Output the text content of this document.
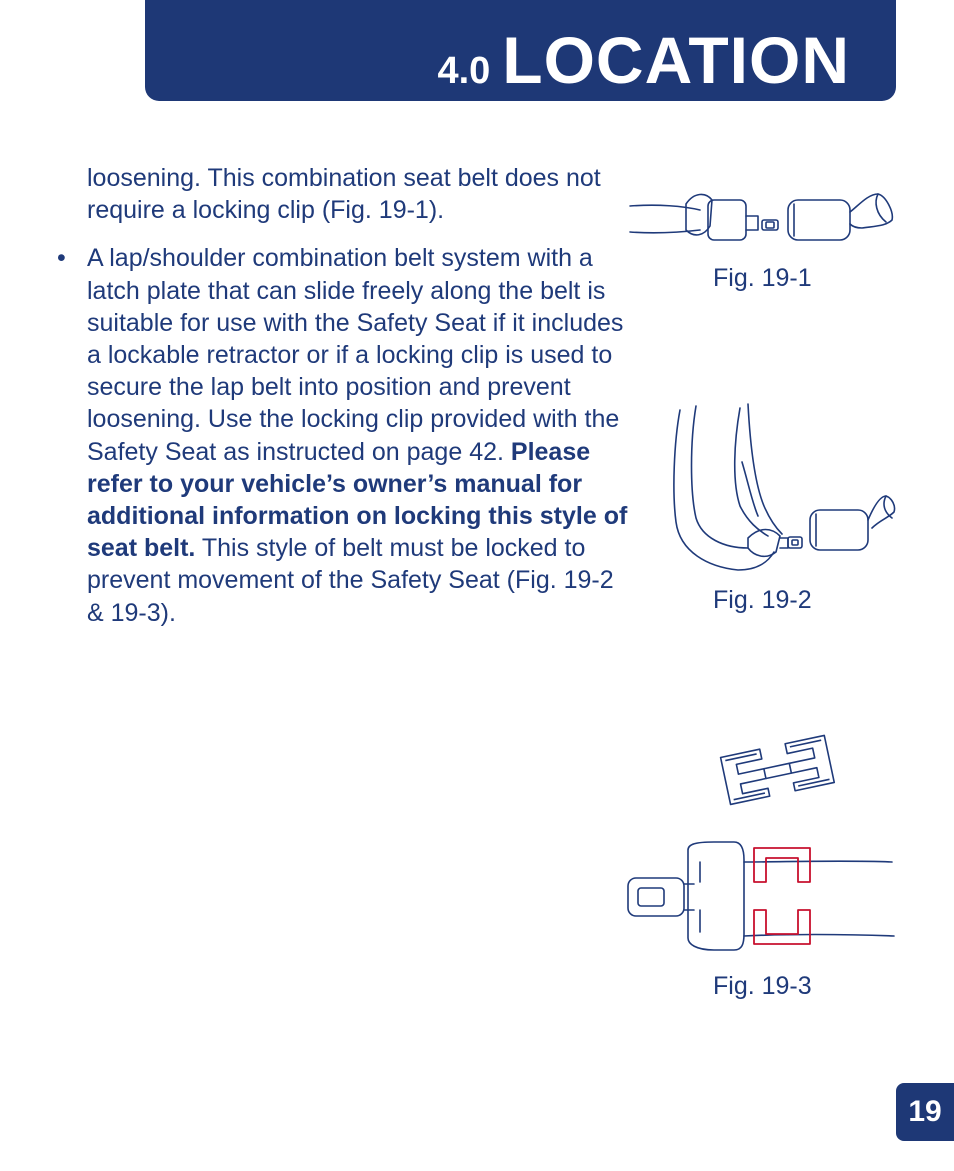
4.0 LOCATION

loosening. This combination seat belt does not require a locking clip (Fig. 19-1).

• A lap/shoulder combination belt system with a latch plate that can slide freely along the belt is suitable for use with the Safety Seat if it includes a lockable retractor or if a locking clip is used to secure the lap belt into position and prevent loosening. Use the locking clip provided with the Safety Seat as instructed on page 42. Please refer to your vehicle’s owner’s manual for additional information on locking this style of seat belt. This style of belt must be locked to prevent movement of the Safety Seat (Fig. 19-2 & 19-3).

Fig. 19-1
Fig. 19-2
Fig. 19-3
19
